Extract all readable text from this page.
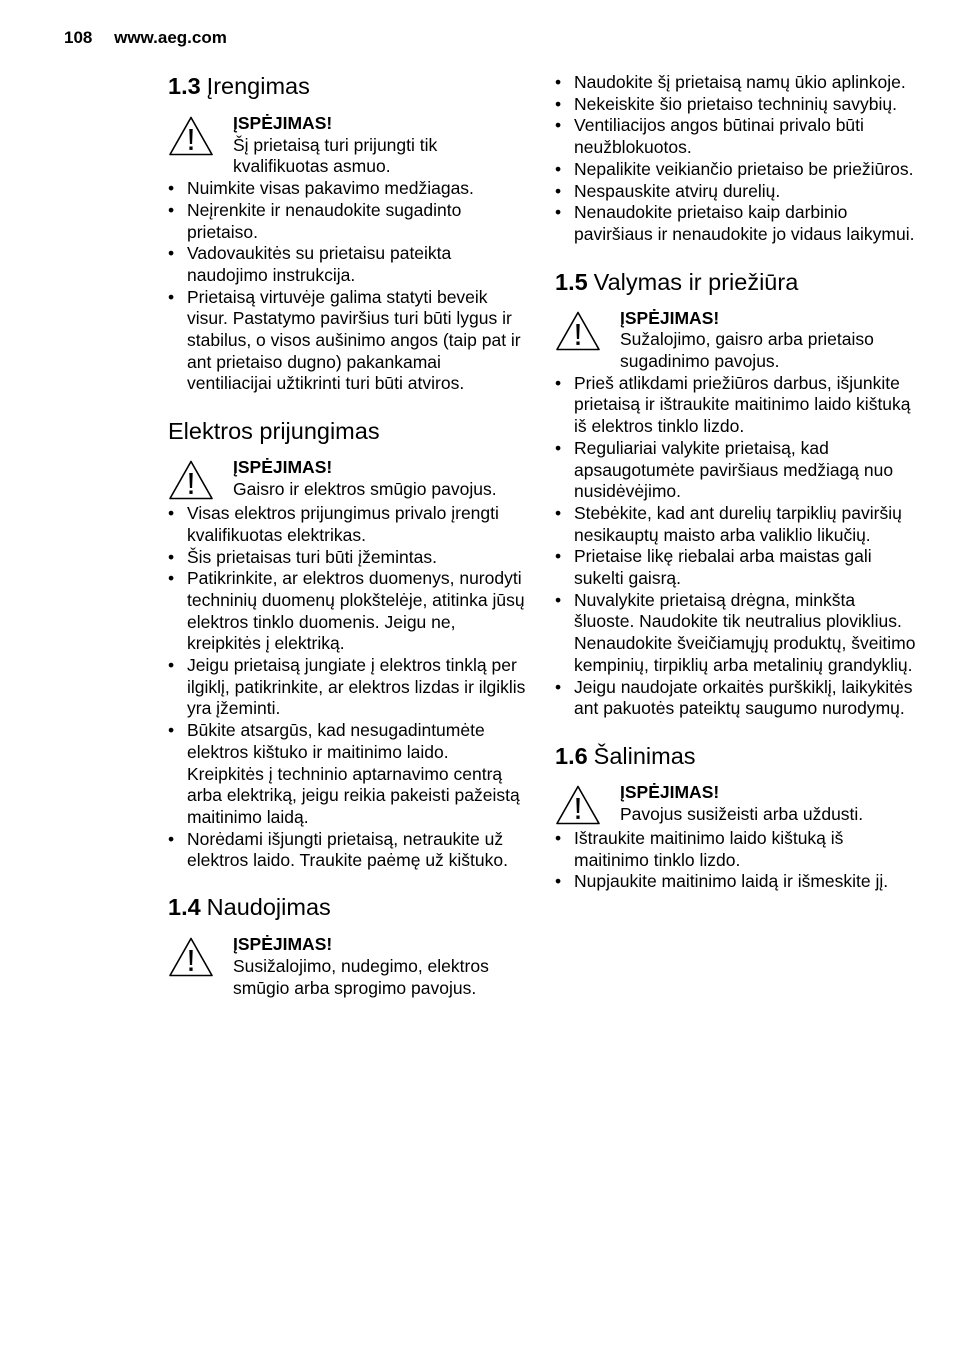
108 www.aeg.com
1.3 Įrengimas
ĮSPĖJIMAS!
Šį prietaisą turi prijungti tik kvalifikuotas asmuo.
• Nuimkite visas pakavimo medžiagas.
• Neįrenkite ir nenaudokite sugadinto prietaiso.
• Vadovaukitės su prietaisu pateikta naudojimo instrukcija.
• Prietaisą virtuvėje galima statyti beveik visur. Pastatymo paviršius turi būti lygus ir stabilus, o visos aušinimo angos (taip pat ir ant prietaiso dugno) pakankamai ventiliacijai užtikrinti turi būti atviros.
Elektros prijungimas
ĮSPĖJIMAS!
Gaisro ir elektros smūgio pavojus.
• Visas elektros prijungimus privalo įrengti kvalifikuotas elektrikas.
• Šis prietaisas turi būti įžemintas.
• Patikrinkite, ar elektros duomenys, nurodyti techninių duomenų plokštelėje, atitinka jūsų elektros tinklo duomenis. Jeigu ne, kreipkitės į elektriką.
• Jeigu prietaisą jungiate į elektros tinklą per ilgiklį, patikrinkite, ar elektros lizdas ir ilgiklis yra įžeminti.
• Būkite atsargūs, kad nesugadintumėte elektros kištuko ir maitinimo laido. Kreipkitės į techninio aptarnavimo centrą arba elektriką, jeigu reikia pakeisti pažeistą maitinimo laidą.
• Norėdami išjungti prietaisą, netraukite už elektros laido. Traukite paėmę už kištuko.
1.4 Naudojimas
ĮSPĖJIMAS!
Susižalojimo, nudegimo, elektros smūgio arba sprogimo pavojus.
• Naudokite šį prietaisą namų ūkio aplinkoje.
• Nekeiskite šio prietaiso techninių savybių.
• Ventiliacijos angos būtinai privalo būti neužblokuotos.
• Nepalikite veikiančio prietaiso be priežiūros.
• Nespauskite atvirų durelių.
• Nenaudokite prietaiso kaip darbinio paviršiaus ir nenaudokite jo vidaus laikymui.
1.5 Valymas ir priežiūra
ĮSPĖJIMAS!
Sužalojimo, gaisro arba prietaiso sugadinimo pavojus.
• Prieš atlikdami priežiūros darbus, išjunkite prietaisą ir ištraukite maitinimo laido kištuką iš elektros tinklo lizdo.
• Reguliariai valykite prietaisą, kad apsaugotumėte paviršiaus medžiagą nuo nusidėvėjimo.
• Stebėkite, kad ant durelių tarpiklių paviršių nesikauptų maisto arba valiklio likučių.
• Prietaise likę riebalai arba maistas gali sukelti gaisrą.
• Nuvalykite prietaisą drėgna, minkšta šluoste. Naudokite tik neutralius ploviklius. Nenaudokite šveičiamųjų produktų, šveitimo kempinių, tirpiklių arba metalinių grandyklių.
• Jeigu naudojate orkaitės purškiklį, laikykitės ant pakuotės pateiktų saugumo nurodymų.
1.6 Šalinimas
ĮSPĖJIMAS!
Pavojus susižeisti arba uždusti.
• Ištraukite maitinimo laido kištuką iš maitinimo tinklo lizdo.
• Nupjaukite maitinimo laidą ir išmeskite jį.
